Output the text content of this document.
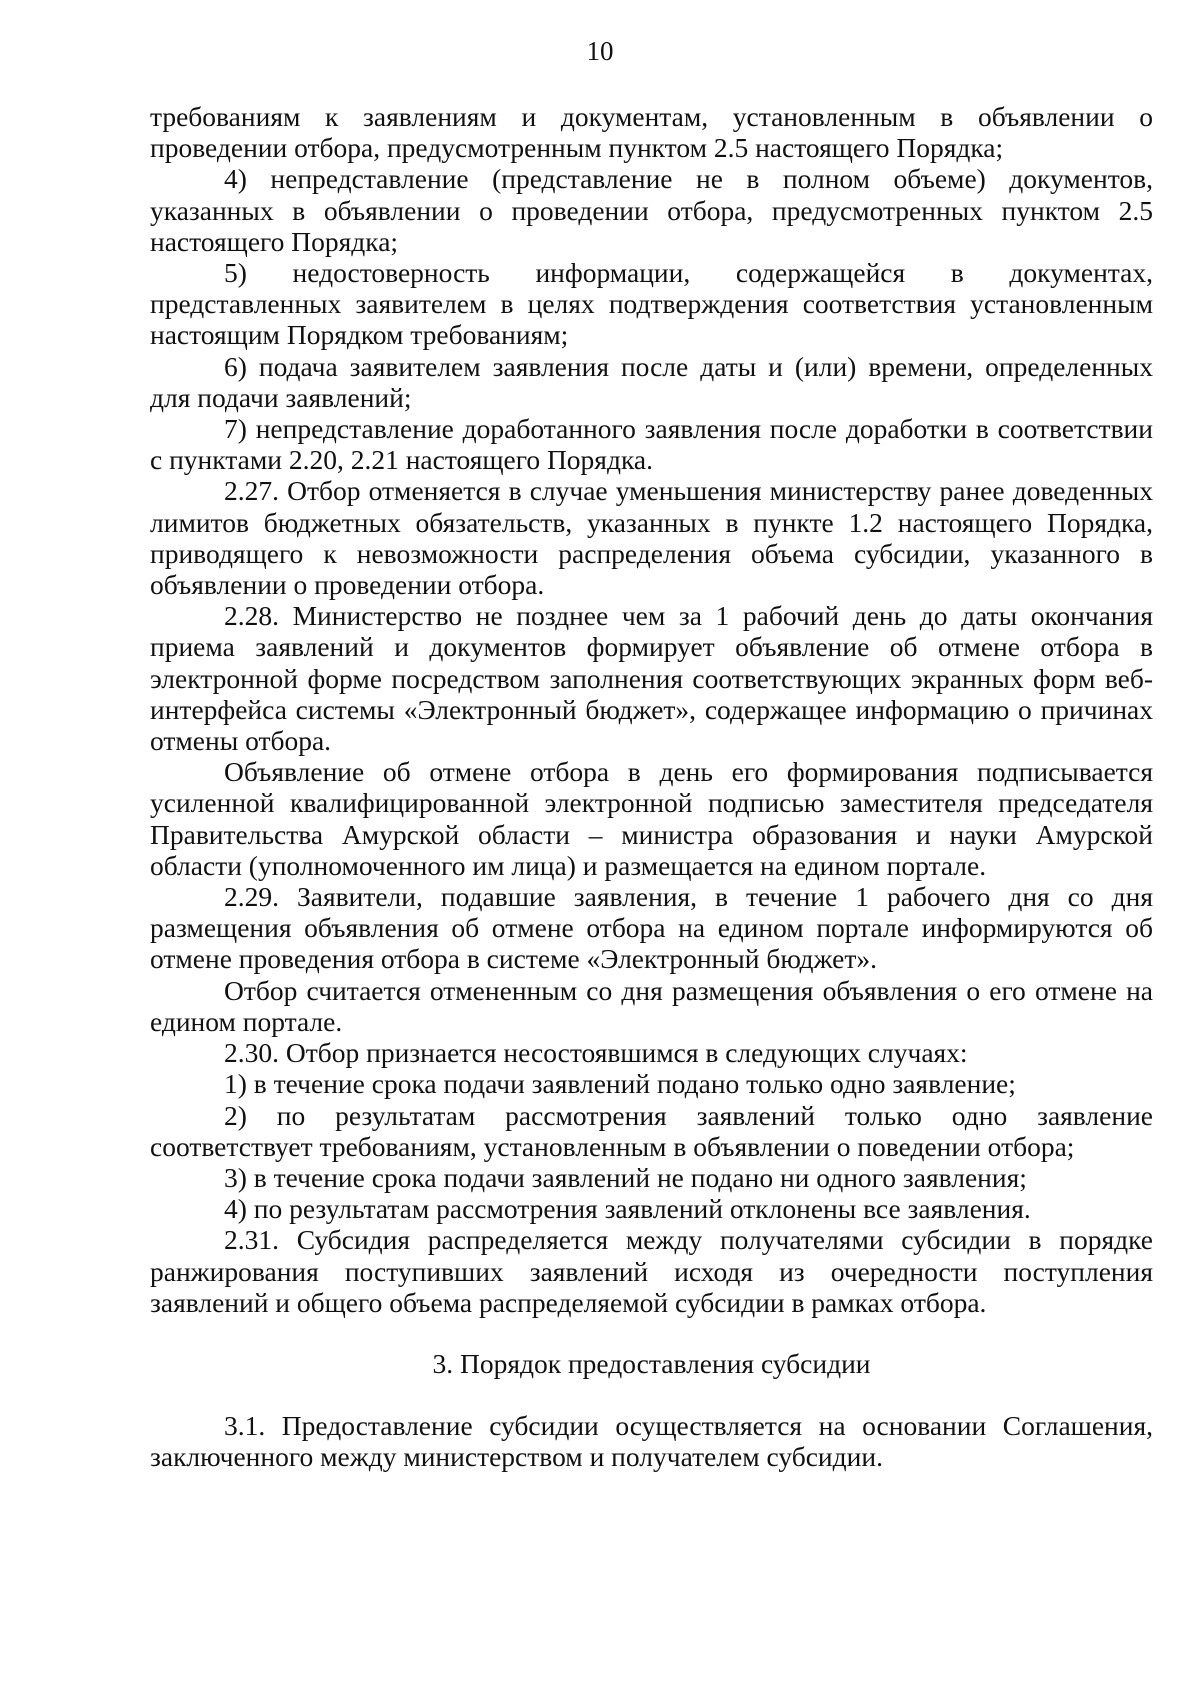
10

требованиям к заявлениям и документам, установленным в объявлении о проведении отбора, предусмотренным пунктом 2.5 настоящего Порядка;

4) непредставление (представление не в полном объеме) документов, указанных в объявлении о проведении отбора, предусмотренных пунктом 2.5 настоящего Порядка;

5) недостоверность информации, содержащейся в документах, представленных заявителем в целях подтверждения соответствия установленным настоящим Порядком требованиям;

6) подача заявителем заявления после даты и (или) времени, определенных для подачи заявлений;

7) непредставление доработанного заявления после доработки в соответствии с пунктами 2.20, 2.21 настоящего Порядка.

2.27. Отбор отменяется в случае уменьшения министерству ранее доведенных лимитов бюджетных обязательств, указанных в пункте 1.2 настоящего Порядка, приводящего к невозможности распределения объема субсидии, указанного в объявлении о проведении отбора.

2.28. Министерство не позднее чем за 1 рабочий день до даты окончания приема заявлений и документов формирует объявление об отмене отбора в электронной форме посредством заполнения соответствующих экранных форм веб-интерфейса системы «Электронный бюджет», содержащее информацию о причинах отмены отбора.

Объявление об отмене отбора в день его формирования подписывается усиленной квалифицированной электронной подписью заместителя председателя Правительства Амурской области – министра образования и науки Амурской области (уполномоченного им лица) и размещается на едином портале.

2.29. Заявители, подавшие заявления, в течение 1 рабочего дня со дня размещения объявления об отмене отбора на едином портале информируются об отмене проведения отбора в системе «Электронный бюджет».

Отбор считается отмененным со дня размещения объявления о его отмене на едином портале.

2.30. Отбор признается несостоявшимся в следующих случаях:

1) в течение срока подачи заявлений подано только одно заявление;

2) по результатам рассмотрения заявлений только одно заявление соответствует требованиям, установленным в объявлении о поведении отбора;

3) в течение срока подачи заявлений не подано ни одного заявления;

4) по результатам рассмотрения заявлений отклонены все заявления.

2.31. Субсидия распределяется между получателями субсидии в порядке ранжирования поступивших заявлений исходя из очередности поступления заявлений и общего объема распределяемой субсидии в рамках отбора.

3. Порядок предоставления субсидии

3.1. Предоставление субсидии осуществляется на основании Соглашения, заключенного между министерством и получателем субсидии.
